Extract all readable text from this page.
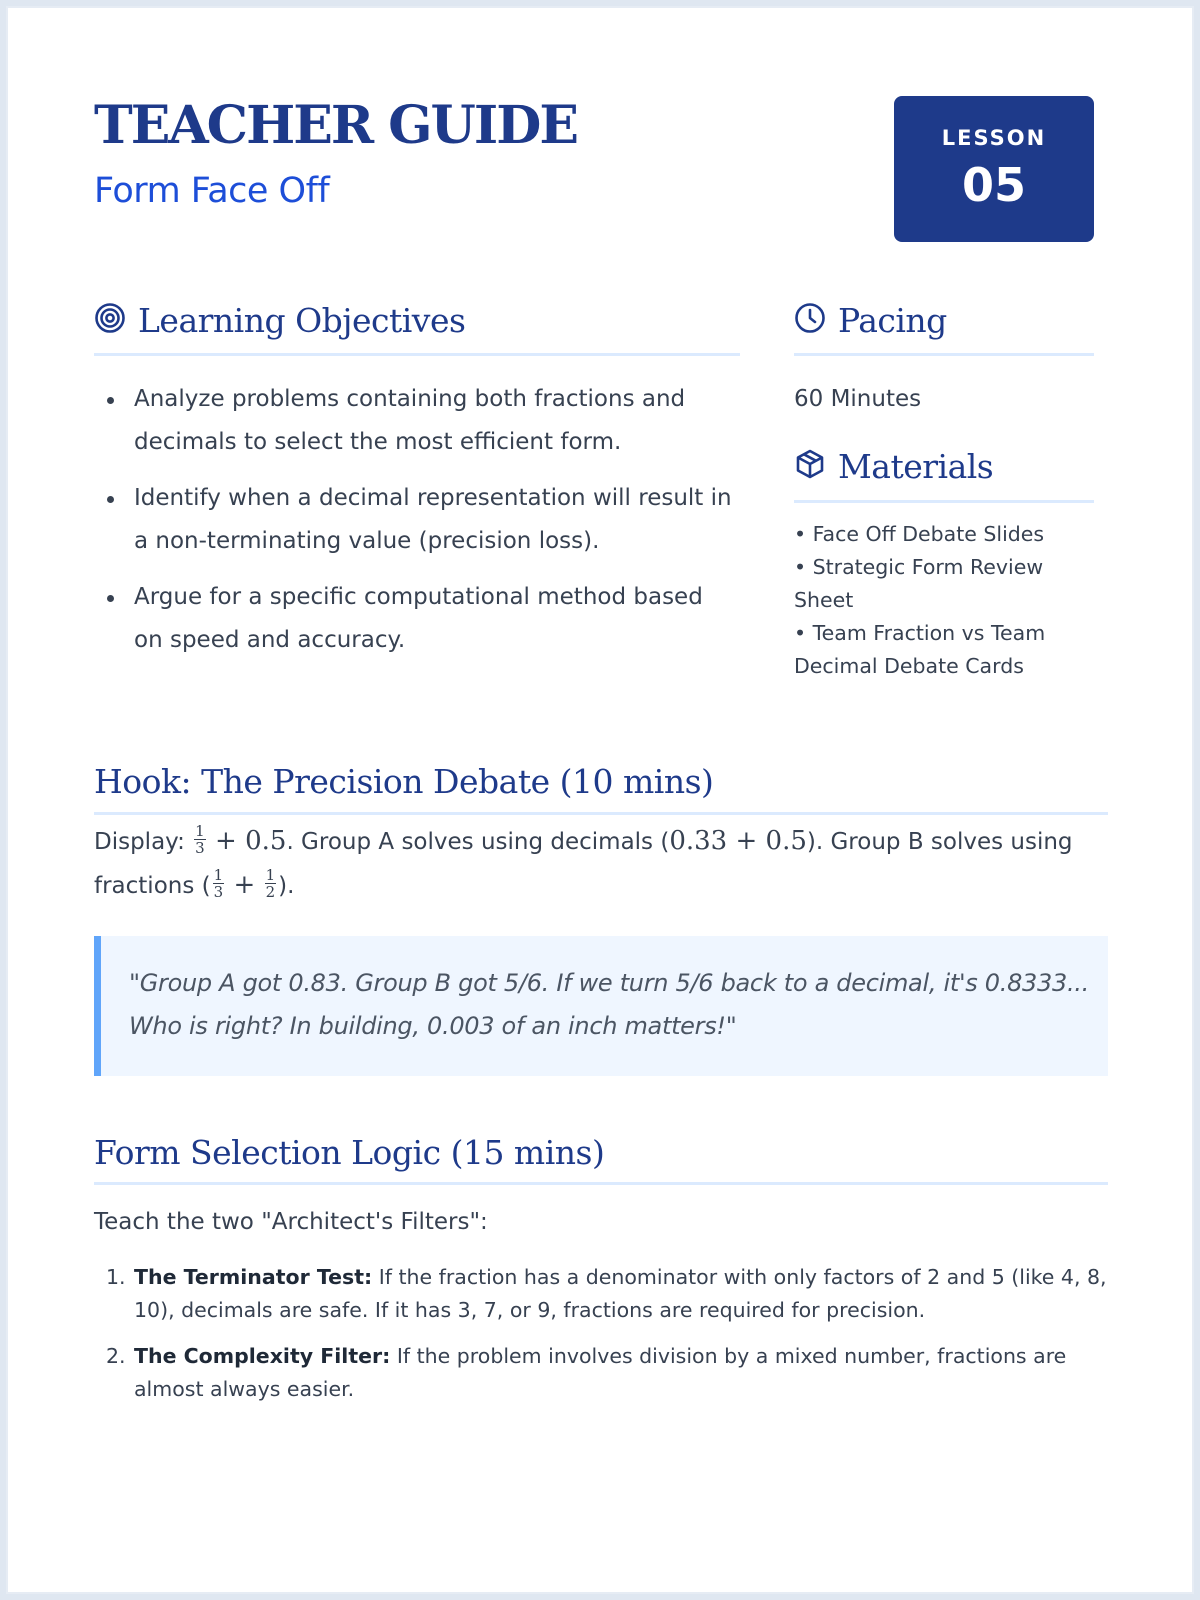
TEACHER GUIDE
Form Face Off
LESSON
05
Learning Objectives
Analyze problems containing both fractions and decimals to select the most efficient form.
Identify when a decimal representation will result in a non-terminating value (precision loss).
Argue for a specific computational method based on speed and accuracy.
Pacing
60 Minutes
Materials
• Face Off Debate Slides
• Strategic Form Review Sheet
• Team Fraction vs Team Decimal Debate Cards
Hook: The Precision Debate (10 mins)
Display: $\frac{1}{3} + 0.5$. Group A solves using decimals (0.33 + 0.5). Group B solves using fractions ( $\frac{1}{3} + \frac{1}{2}$ ).
"Group A got 0.83. Group B got 5/6. If we turn 5/6 back to a decimal, it's 0.8333... Who is right? In building, 0.003 of an inch matters!"
Form Selection Logic (15 mins)
Teach the two "Architect's Filters":
1. The Terminator Test: If the fraction has a denominator with only factors of 2 and 5 (like 4, 8, 10), decimals are safe. If it has 3, 7, or 9, fractions are required for precision.
2. The Complexity Filter: If the problem involves division by a mixed number, fractions are almost always easier.
